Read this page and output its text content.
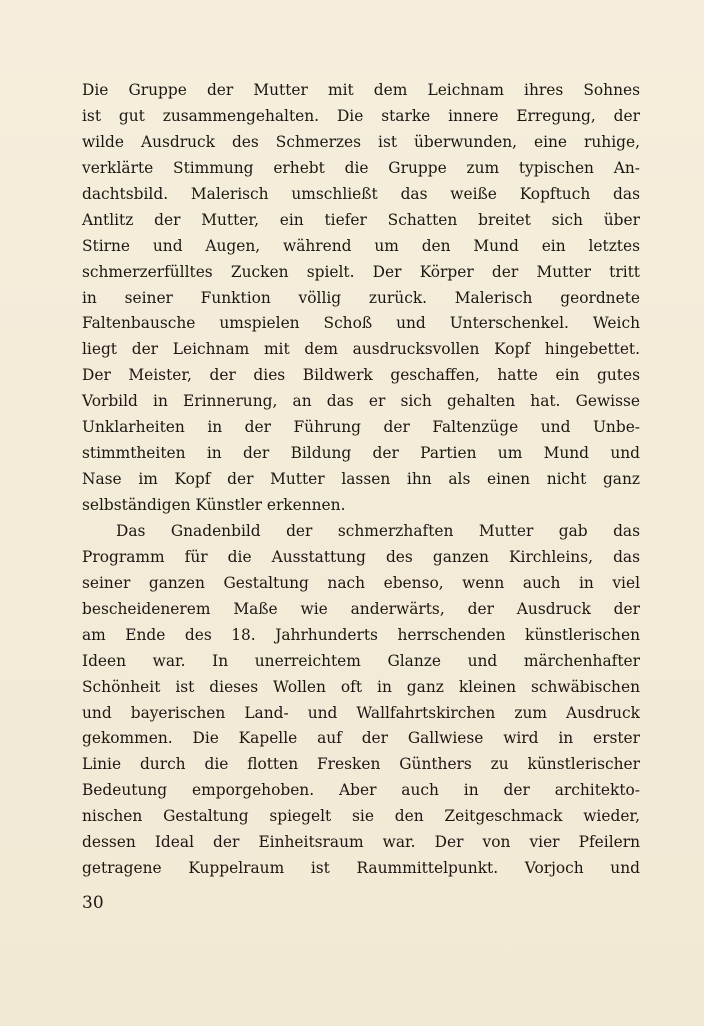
Die Gruppe der Mutter mit dem Leichnam ihres Sohnes
ist gut zusammengehalten. Die starke innere Erregung, der
wilde Ausdruck des Schmerzes ist überwunden, eine ruhige,
verklärte Stimmung erhebt die Gruppe zum typischen An-
dachtsbild. Malerisch umschließt das weiße Kopftuch das
Antlitz der Mutter, ein tiefer Schatten breitet sich über
Stirne und Augen, während um den Mund ein letztes
schmerzerfülltes Zucken spielt. Der Körper der Mutter tritt
in seiner Funktion völlig zurück. Malerisch geordnete
Faltenbausche umspielen Schoß und Unterschenkel. Weich
liegt der Leichnam mit dem ausdrucksvollen Kopf hingebettet.
Der Meister, der dies Bildwerk geschaffen, hatte ein gutes
Vorbild in Erinnerung, an das er sich gehalten hat. Gewisse
Unklarheiten in der Führung der Faltenzüge und Unbe-
stimmtheiten in der Bildung der Partien um Mund und
Nase im Kopf der Mutter lassen ihn als einen nicht ganz
selbständigen Künstler erkennen.
Das Gnadenbild der schmerzhaften Mutter gab das
Programm für die Ausstattung des ganzen Kirchleins, das
seiner ganzen Gestaltung nach ebenso, wenn auch in viel
bescheidenerem Maße wie anderwärts, der Ausdruck der
am Ende des 18. Jahrhunderts herrschenden künstlerischen
Ideen war. In unerreichtem Glanze und märchenhafter
Schönheit ist dieses Wollen oft in ganz kleinen schwäbischen
und bayerischen Land- und Wallfahrtskirchen zum Ausdruck
gekommen. Die Kapelle auf der Gallwiese wird in erster
Linie durch die flotten Fresken Günthers zu künstlerischer
Bedeutung emporgehoben. Aber auch in der architekto-
nischen Gestaltung spiegelt sie den Zeitgeschmack wieder,
dessen Ideal der Einheitsraum war. Der von vier Pfeilern
getragene Kuppelraum ist Raummittelpunkt. Vorjoch und
30
